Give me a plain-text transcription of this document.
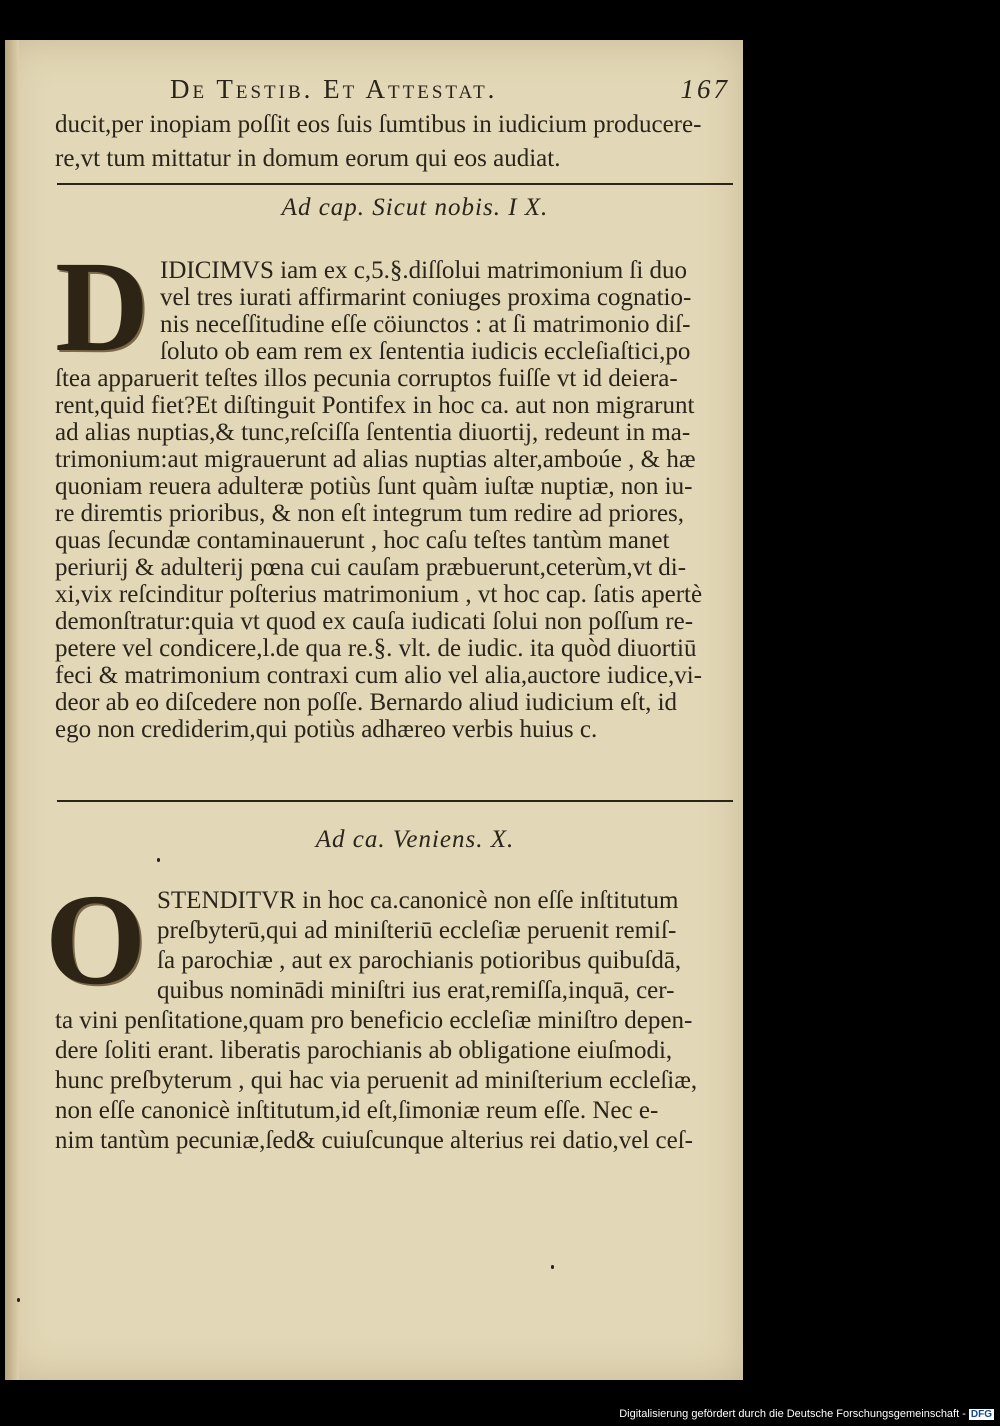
De Testib. Et Attestat.	167
ducit,per inopiam poſſit eos ſuis ſumtibus in iudicium producere-
re,vt tum mittatur in domum eorum qui eos audiat.
Ad cap. Sicut nobis. I X.
D IDICIMVS iam ex c,5.§.diſſolui matrimonium ſi duo
vel tres iurati affirmarint coniuges proxima cognatio-
nis neceſſitudine eſſe cöiunctos : at ſi matrimonio diſ-
ſoluto ob eam rem ex ſententia iudicis eccleſiaſtici,po
ſtea apparuerit teſtes illos pecunia corruptos fuiſſe vt id deiera-
rent,quid fiet?Et diſtinguit Pontifex in hoc ca. aut non migrarunt
ad alias nuptias,& tunc,reſciſſa ſententia diuortij, redeunt in ma-
trimonium:aut migrauerunt ad alias nuptias alter,amboúe , & hæ
quoniam reuera adulteræ potiùs ſunt quàm iuſtæ nuptiæ, non iu-
re diremtis prioribus, & non eſt integrum tum redire ad priores,
quas ſecundæ contaminauerunt , hoc caſu teſtes tantùm manet
periurij & adulterij pœna cui cauſam præbuerunt,ceterùm,vt di-
xi,vix reſcinditur poſterius matrimonium , vt hoc cap. ſatis apertè
demonſtratur:quia vt quod ex cauſa iudicati ſolui non poſſum re-
petere vel condicere,l.de qua re.§. vlt. de iudic. ita quòd diuortiū
feci & matrimonium contraxi cum alio vel alia,auctore iudice,vi-
deor ab eo diſcedere non poſſe. Bernardo aliud iudicium eſt, id
ego non crediderim,qui potiùs adhæreo verbis huius c.
Ad ca. Veniens. X.
O STENDITVR in hoc ca.canonicè non eſſe inſtitutum
preſbyterū,qui ad miniſteriū eccleſiæ peruenit remiſ-
ſa parochiæ , aut ex parochianis potioribus quibuſdā,
quibus nominādi miniſtri ius erat,remiſſa,inquā, cer-
ta vini penſitatione,quam pro beneficio eccleſiæ miniſtro depen-
dere ſoliti erant. liberatis parochianis ab obligatione eiuſmodi,
hunc preſbyterum , qui hac via peruenit ad miniſterium eccleſiæ,
non eſſe canonicè inſtitutum,id eſt,ſimoniæ reum eſſe. Nec e-
nim tantùm pecuniæ,ſed& cuiuſcunque alterius rei datio,vel ceſ-
Digitalisierung gefördert durch die Deutsche Forschungsgemeinschaft - DFG
